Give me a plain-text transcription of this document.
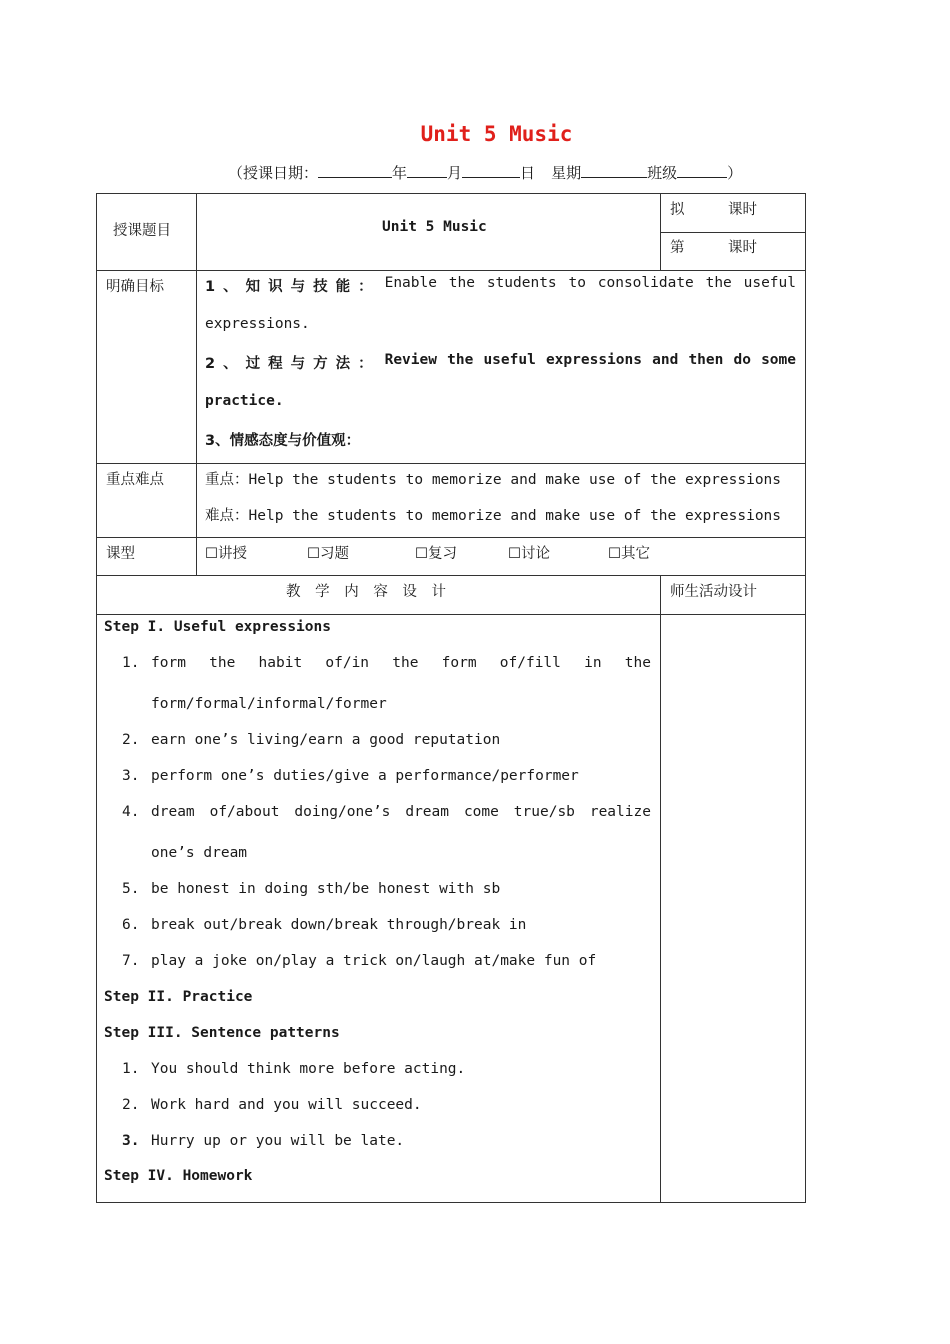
Unit 5 Music
（授课日期：	年	月	日 星期	班级	）
授课题目	Unit 5 Music
拟	课时
第	课时
明确目标	1、知识与技能： Enable the students to consolidate the useful
expressions.
2、过程与方法： Review the useful expressions and then do some
practice.
3、情感态度与价值观：
重点难点	重点：Help the students to memorize and make use of the expressions
难点：Help the students to memorize and make use of the expressions
课型	☐讲授	☐习题	☐复习	☐讨论	☐其它
教 学 内 容 设 计	师生活动设计
Step I. Useful expressions
1. form the habit of/in the form of/fill in the
form/formal/informal/former
2. earn one’s living/earn a good reputation
3. perform one’s duties/give a performance/performer
4. dream of/about doing/one’s dream come true/sb realize
one’s dream
5. be honest in doing sth/be honest with sb
6. break out/break down/break through/break in
7. play a joke on/play a trick on/laugh at/make fun of
Step II. Practice
Step III. Sentence patterns
1. You should think more before acting.
2. Work hard and you will succeed.
3. Hurry up or you will be late.
Step IV. Homework
